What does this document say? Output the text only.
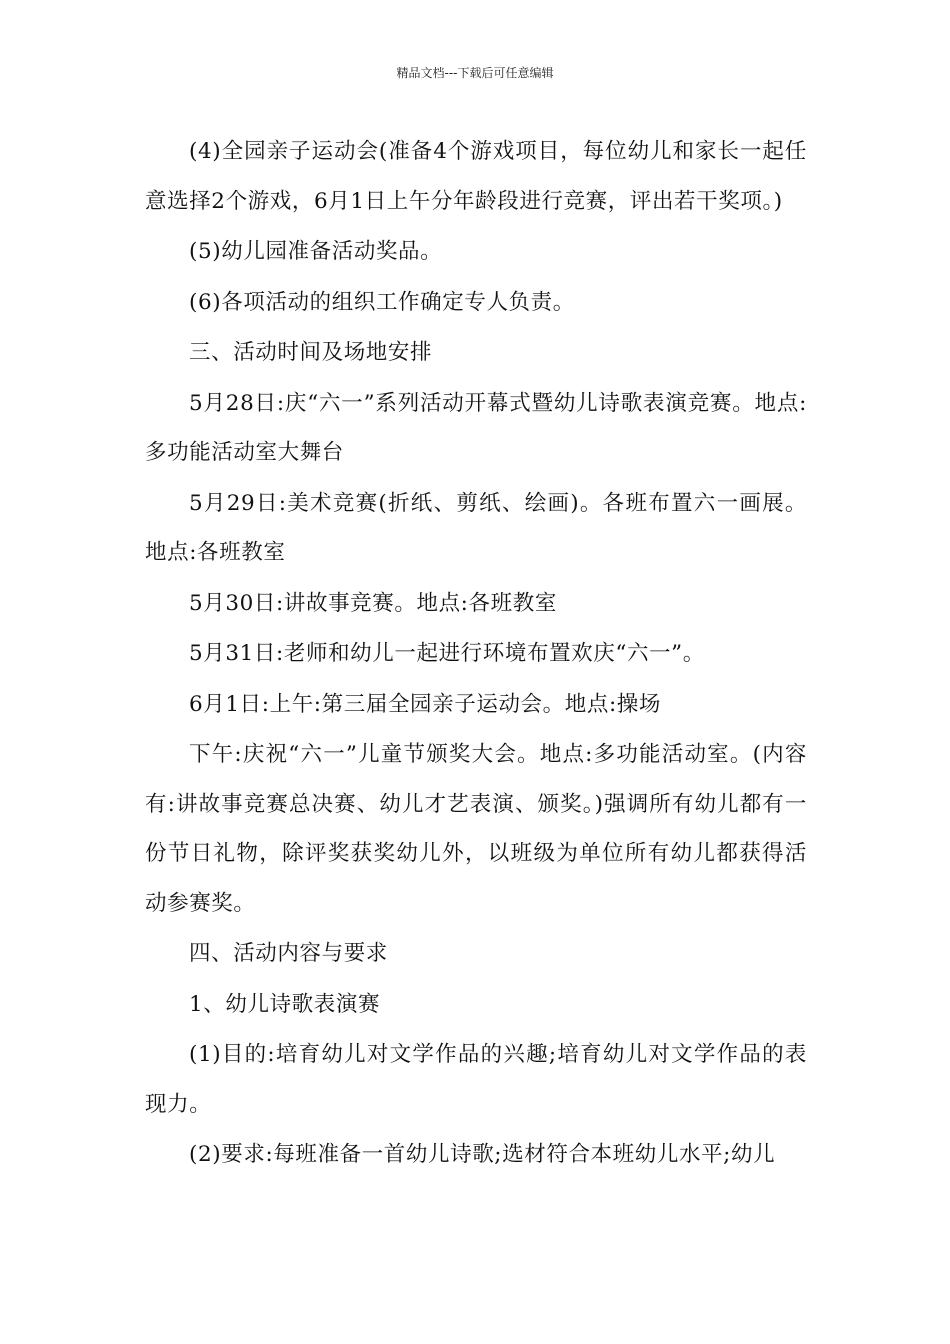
精品文档---下载后可任意编辑

(4)全园亲子运动会(准备4个游戏项目，每位幼儿和家长一起任意选择2个游戏，6月1日上午分年龄段进行竞赛，评出若干奖项。)

(5)幼儿园准备活动奖品。

(6)各项活动的组织工作确定专人负责。

三、活动时间及场地安排

5月28日:庆“六一”系列活动开幕式暨幼儿诗歌表演竞赛。地点:多功能活动室大舞台

5月29日:美术竞赛(折纸、剪纸、绘画)。各班布置六一画展。地点:各班教室

5月30日:讲故事竞赛。地点:各班教室

5月31日:老师和幼儿一起进行环境布置欢庆“六一”。

6月1日:上午:第三届全园亲子运动会。地点:操场

下午:庆祝“六一”儿童节颁奖大会。地点:多功能活动室。(内容有:讲故事竞赛总决赛、幼儿才艺表演、颁奖。)强调所有幼儿都有一份节日礼物，除评奖获奖幼儿外，以班级为单位所有幼儿都获得活动参赛奖。

四、活动内容与要求

1、幼儿诗歌表演赛

(1)目的:培育幼儿对文学作品的兴趣;培育幼儿对文学作品的表现力。

(2)要求:每班准备一首幼儿诗歌;选材符合本班幼儿水平;幼儿
